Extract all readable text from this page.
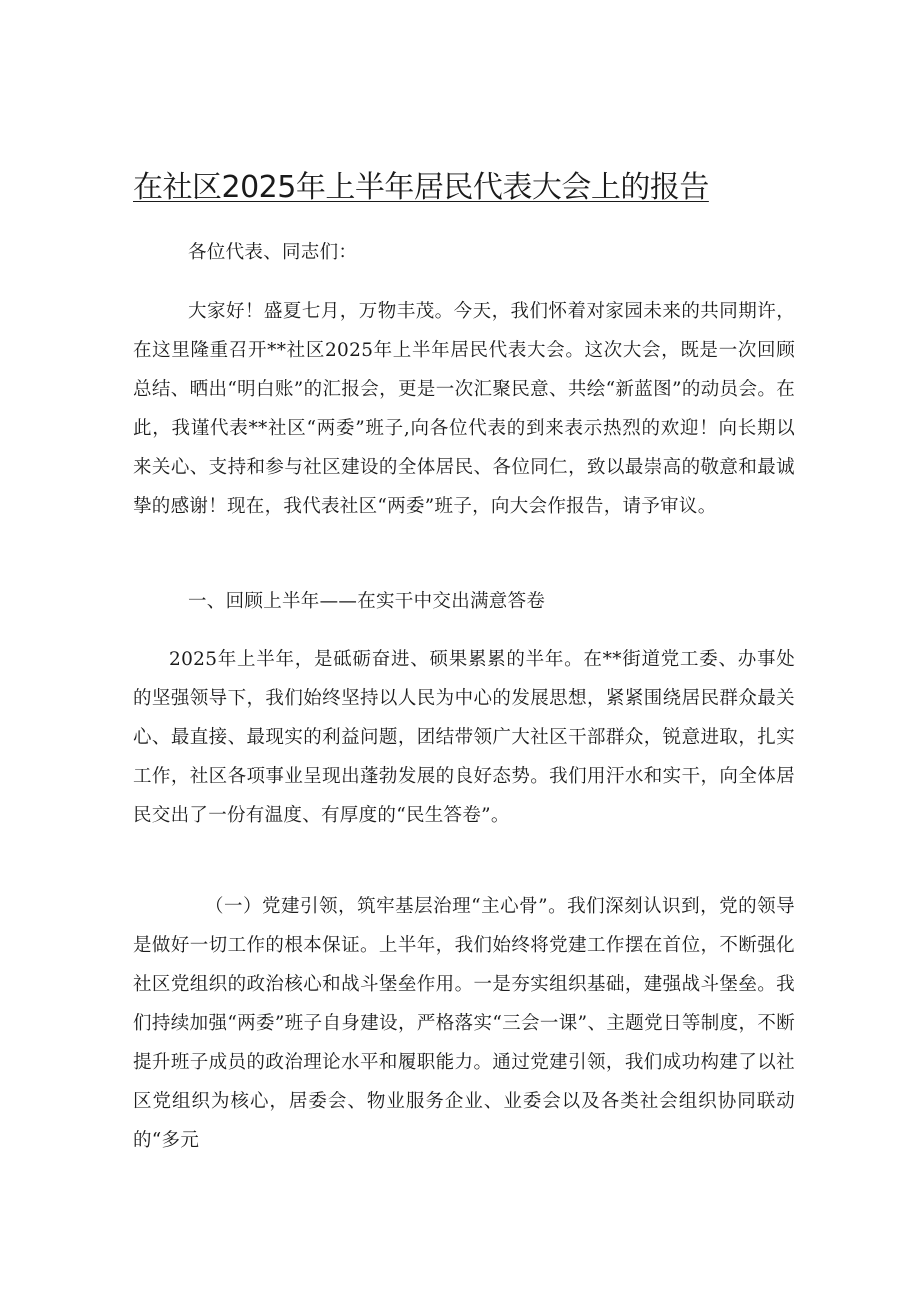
在社区2025年上半年居民代表大会上的报告

各位代表、同志们：

大家好！盛夏七月，万物丰茂。今天，我们怀着对家园未来的共同期许，在这里隆重召开**社区2025年上半年居民代表大会。这次大会，既是一次回顾总结、晒出“明白账”的汇报会，更是一次汇聚民意、共绘“新蓝图”的动员会。在此，我谨代表**社区“两委”班子,向各位代表的到来表示热烈的欢迎！向长期以来关心、支持和参与社区建设的全体居民、各位同仁，致以最崇高的敬意和最诚挚的感谢！现在，我代表社区“两委”班子，向大会作报告，请予审议。

一、回顾上半年——在实干中交出满意答卷

2025年上半年，是砥砺奋进、硕果累累的半年。在**街道党工委、办事处的坚强领导下，我们始终坚持以人民为中心的发展思想，紧紧围绕居民群众最关心、最直接、最现实的利益问题，团结带领广大社区干部群众，锐意进取，扎实工作，社区各项事业呈现出蓬勃发展的良好态势。我们用汗水和实干，向全体居民交出了一份有温度、有厚度的“民生答卷”。

（一）党建引领，筑牢基层治理“主心骨”。我们深刻认识到，党的领导是做好一切工作的根本保证。上半年，我们始终将党建工作摆在首位，不断强化社区党组织的政治核心和战斗堡垒作用。一是夯实组织基础，建强战斗堡垒。我们持续加强“两委”班子自身建设，严格落实“三会一课”、主题党日等制度，不断提升班子成员的政治理论水平和履职能力。通过党建引领，我们成功构建了以社区党组织为核心，居委会、物业服务企业、业委会以及各类社会组织协同联动的“多元
